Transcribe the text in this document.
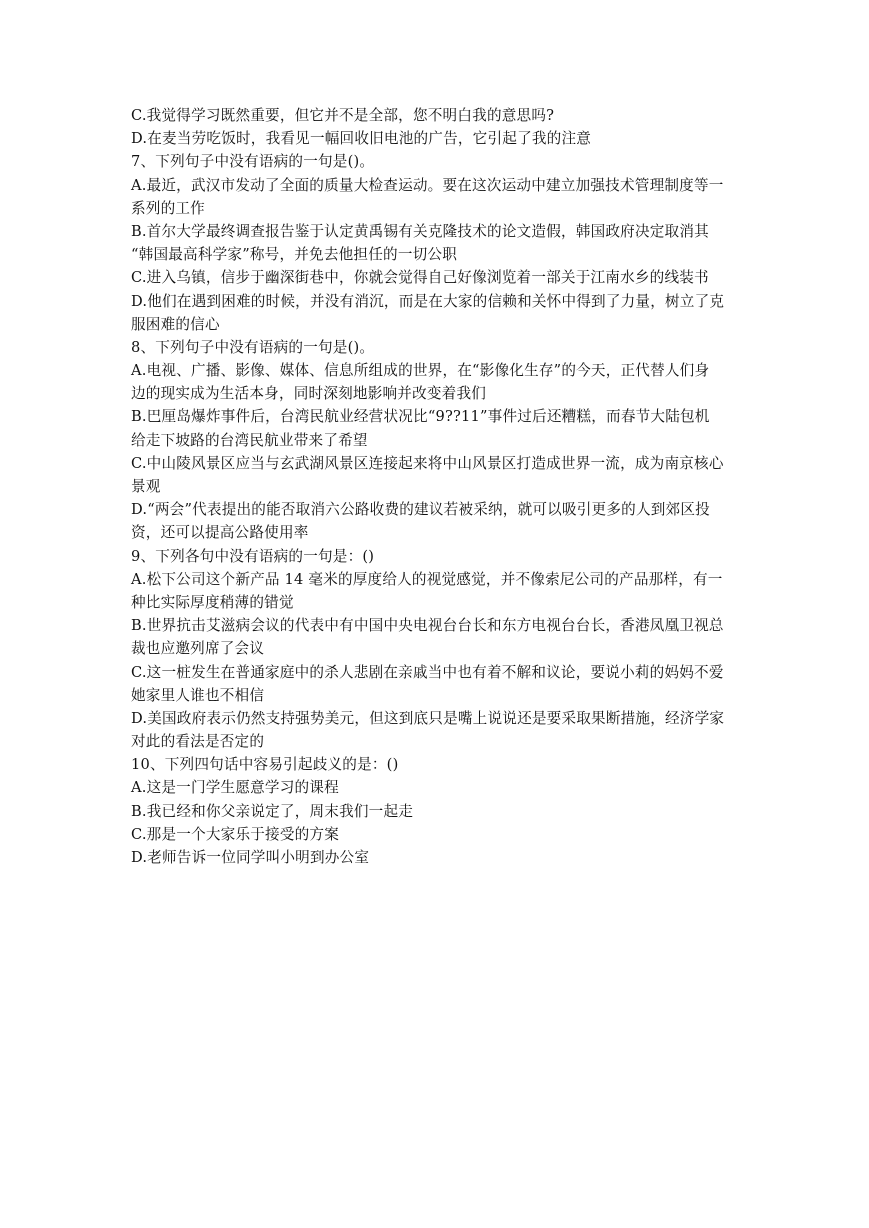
C.我觉得学习既然重要，但它并不是全部，您不明白我的意思吗?
D.在麦当劳吃饭时，我看见一幅回收旧电池的广告，它引起了我的注意
7、下列句子中没有语病的一句是()。
A.最近，武汉市发动了全面的质量大检查运动。要在这次运动中建立加强技术管理制度等一
系列的工作
B.首尔大学最终调查报告鉴于认定黄禹锡有关克隆技术的论文造假，韩国政府决定取消其
“韩国最高科学家”称号，并免去他担任的一切公职
C.进入乌镇，信步于幽深街巷中，你就会觉得自己好像浏览着一部关于江南水乡的线装书
D.他们在遇到困难的时候，并没有消沉，而是在大家的信赖和关怀中得到了力量，树立了克
服困难的信心
8、下列句子中没有语病的一句是()。
A.电视、广播、影像、媒体、信息所组成的世界，在“影像化生存”的今天，正代替人们身
边的现实成为生活本身，同时深刻地影响并改变着我们
B.巴厘岛爆炸事件后，台湾民航业经营状况比“9??11”事件过后还糟糕，而春节大陆包机
给走下坡路的台湾民航业带来了希望
C.中山陵风景区应当与玄武湖风景区连接起来将中山风景区打造成世界一流，成为南京核心
景观
D.“两会”代表提出的能否取消六公路收费的建议若被采纳，就可以吸引更多的人到郊区投
资，还可以提高公路使用率
9、下列各句中没有语病的一句是：()
A.松下公司这个新产品 14 毫米的厚度给人的视觉感觉，并不像索尼公司的产品那样，有一
种比实际厚度稍薄的错觉
B.世界抗击艾滋病会议的代表中有中国中央电视台台长和东方电视台台长，香港凤凰卫视总
裁也应邀列席了会议
C.这一桩发生在普通家庭中的杀人悲剧在亲戚当中也有着不解和议论，要说小莉的妈妈不爱
她家里人谁也不相信
D.美国政府表示仍然支持强势美元，但这到底只是嘴上说说还是要采取果断措施，经济学家
对此的看法是否定的
10、下列四句话中容易引起歧义的是：()
A.这是一门学生愿意学习的课程
B.我已经和你父亲说定了，周末我们一起走
C.那是一个大家乐于接受的方案
D.老师告诉一位同学叫小明到办公室
